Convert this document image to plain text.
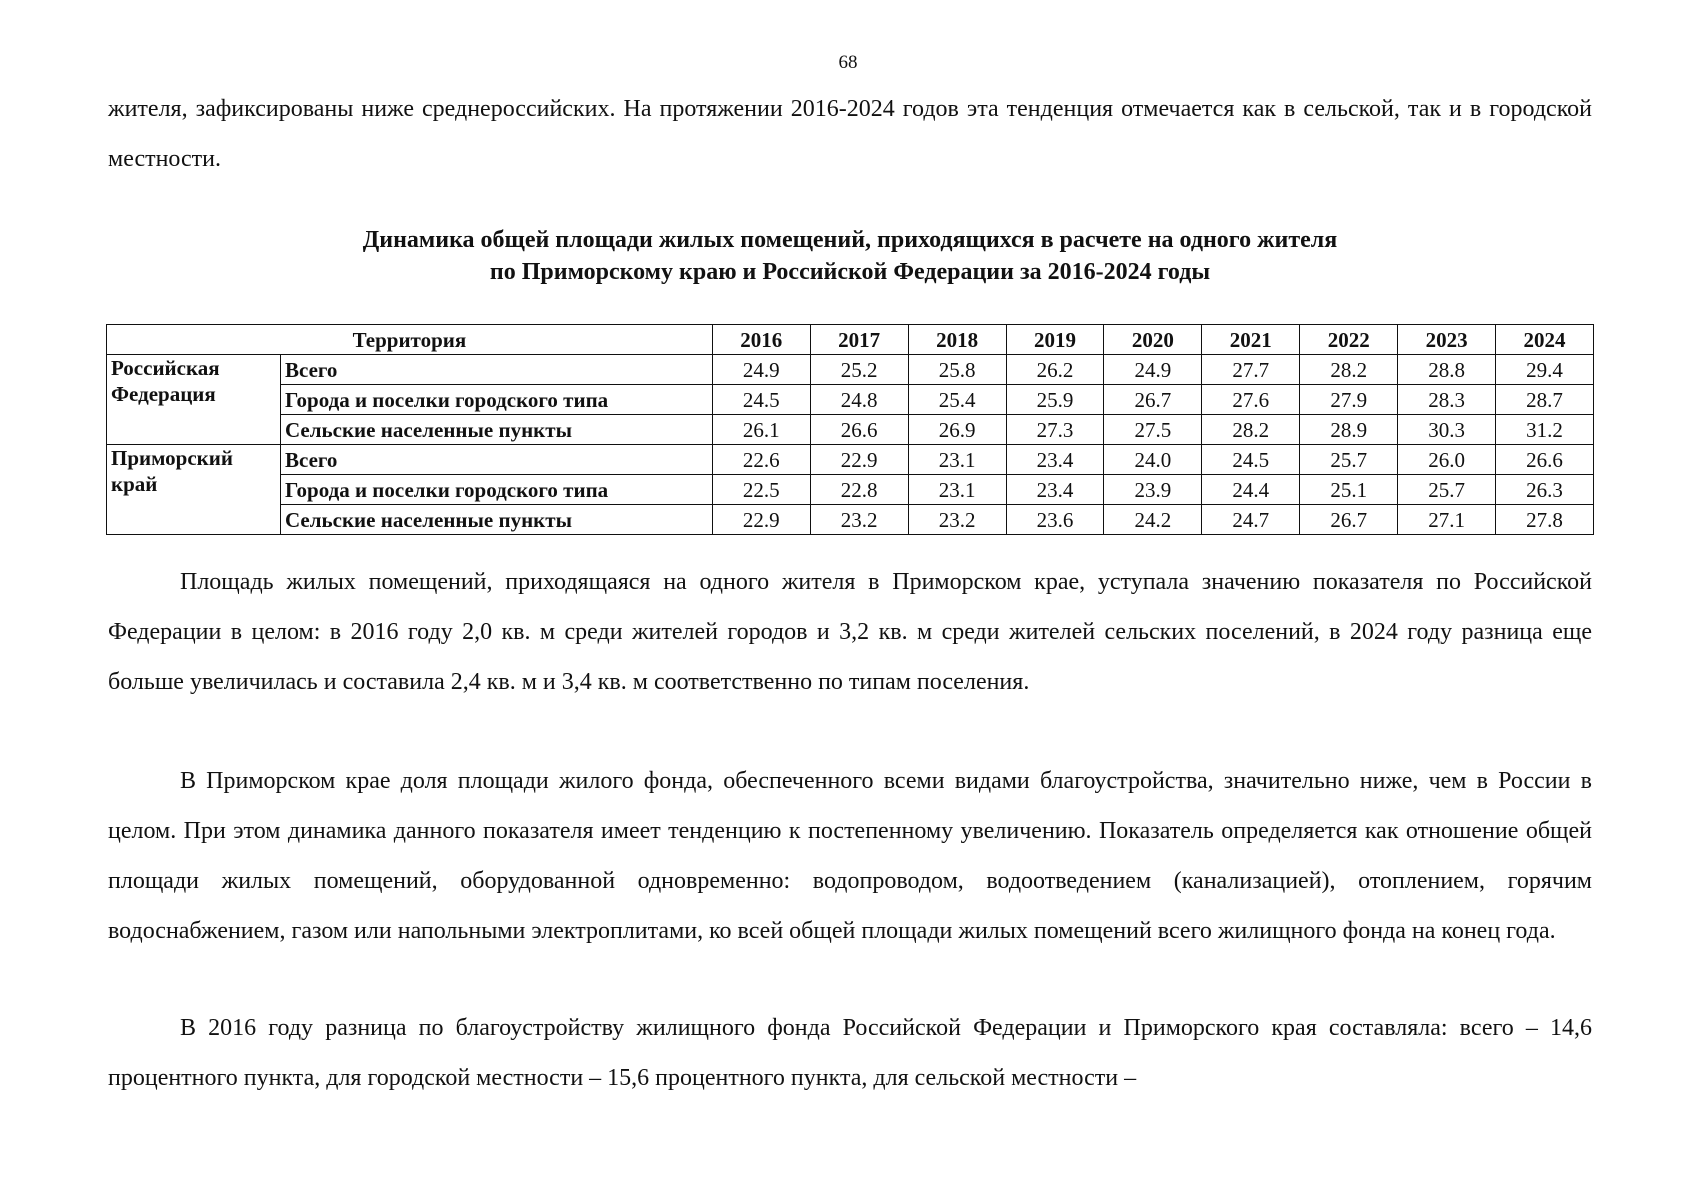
68

жителя, зафиксированы ниже среднероссийских. На протяжении 2016-2024 годов эта тенденция отмечается как в сельской, так и в городской местности.

Динамика общей площади жилых помещений, приходящихся в расчете на одного жителя
по Приморскому краю и Российской Федерации за 2016-2024 годы
Территория		2016	2017	2018	2019	2020	2021	2022	2023	2024
Российская Федерация	Всего	24.9	25.2	25.8	26.2	24.9	27.7	28.2	28.8	29.4
	Города и поселки городского типа	24.5	24.8	25.4	25.9	26.7	27.6	27.9	28.3	28.7
	Сельские населенные пункты	26.1	26.6	26.9	27.3	27.5	28.2	28.9	30.3	31.2
Приморский край	Всего	22.6	22.9	23.1	23.4	24.0	24.5	25.7	26.0	26.6
	Города и поселки городского типа	22.5	22.8	23.1	23.4	23.9	24.4	25.1	25.7	26.3
	Сельские населенные пункты	22.9	23.2	23.2	23.6	24.2	24.7	26.7	27.1	27.8

Площадь жилых помещений, приходящаяся на одного жителя в Приморском крае, уступала значению показателя по Российской Федерации в целом: в 2016 году 2,0 кв. м среди жителей городов и 3,2 кв. м среди жителей сельских поселений, в 2024 году разница еще больше увеличилась и составила 2,4 кв. м и 3,4 кв. м соответственно по типам поселения.

В Приморском крае доля площади жилого фонда, обеспеченного всеми видами благоустройства, значительно ниже, чем в России в целом. При этом динамика данного показателя имеет тенденцию к постепенному увеличению. Показатель определяется как отношение общей площади жилых помещений, оборудованной одновременно: водопроводом, водоотведением (канализацией), отоплением, горячим водоснабжением, газом или напольными электроплитами, ко всей общей площади жилых помещений всего жилищного фонда на конец года.

В 2016 году разница по благоустройству жилищного фонда Российской Федерации и Приморского края составляла: всего – 14,6 процентного пункта, для городской местности – 15,6 процентного пункта, для сельской местности –
